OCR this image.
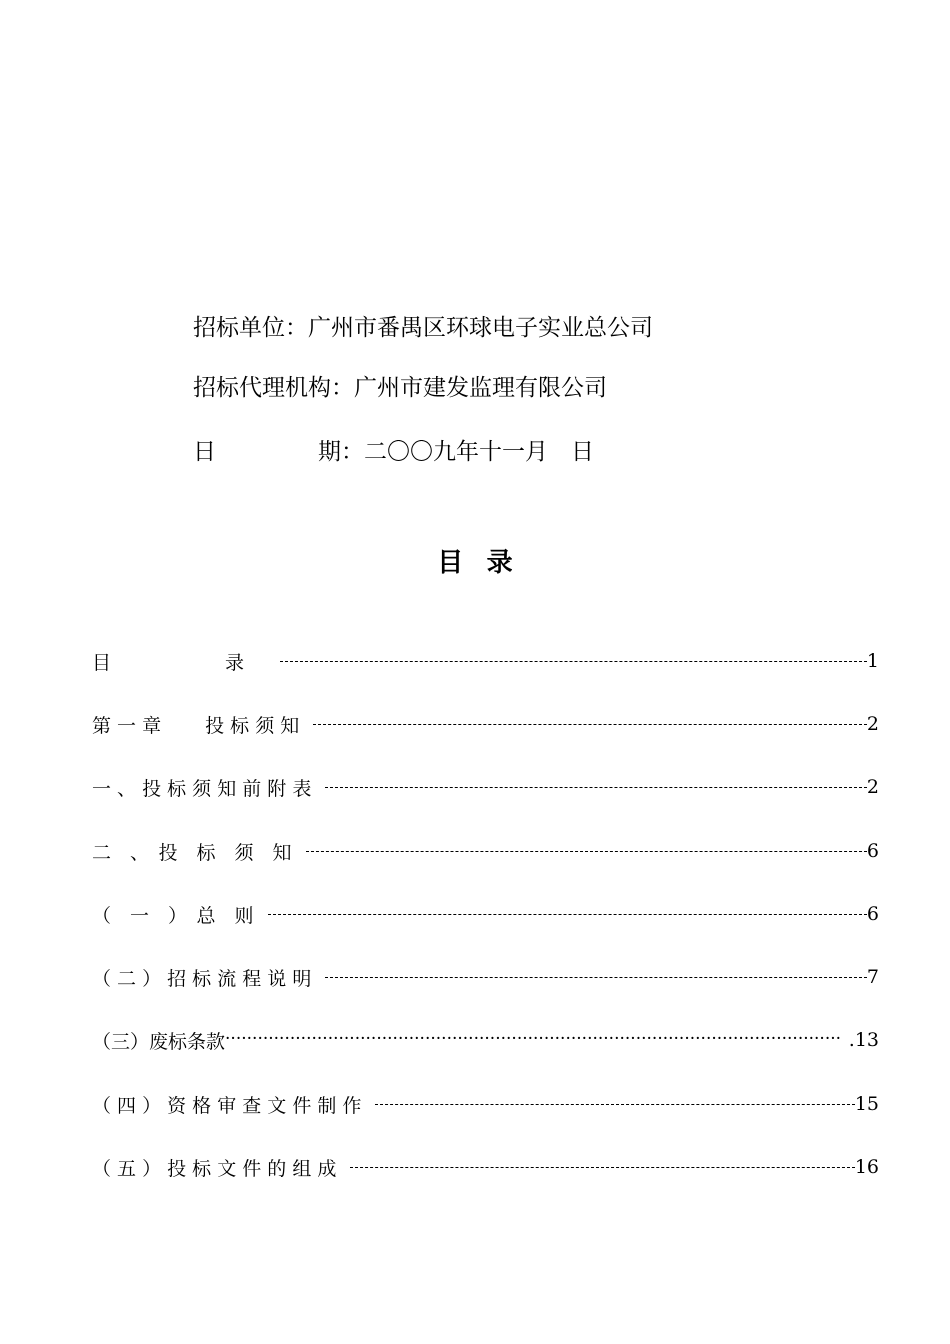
招标单位：广州市番禺区环球电子实业总公司
招标代理机构：广州市建发监理有限公司
日	期：二〇〇九年十一月　日
目录
目　　　　　　录	1
第 一 章　　 投 标 须 知	2
一 、 投 标 须 知 前 附 表	2
二　、　投　标　须　知	6
（　一　）　总　则	6
（ 二 ） 招 标 流 程 说 明	7
（三）废标条款 ·················································································································· .13
（ 四 ） 资 格 审 查 文 件 制 作	15
（ 五 ） 投 标 文 件 的 组 成	16
